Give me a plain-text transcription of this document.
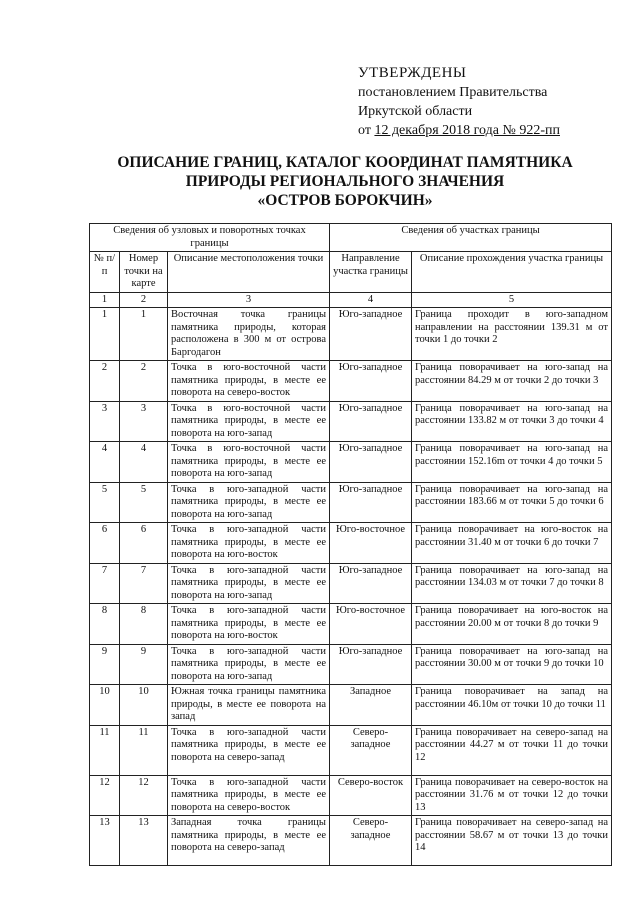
УТВЕРЖДЕНЫ
постановлением Правительства
Иркутской области
от 12 декабря 2018 года № 922-пп
ОПИСАНИЕ ГРАНИЦ, КАТАЛОГ КООРДИНАТ ПАМЯТНИКА
ПРИРОДЫ РЕГИОНАЛЬНОГО ЗНАЧЕНИЯ
«ОСТРОВ БОРОКЧИН»
Сведения об узловых и поворотных точках границы			Сведения об участках границы	
№ п/п	Номер точки на карте	Описание местоположения точки	Направление участка границы	Описание прохождения участка границы
1	2	3	4	5
1	1	Восточная точка границы памятника природы, которая расположена в 300 м от острова Баргодагон	Юго-западное	Граница проходит в юго-западном направлении на расстоянии 139.31 м от точки 1 до точки 2
2	2	Точка в юго-восточной части памятника природы, в месте ее поворота на северо-восток	Юго-западное	Граница поворачивает на юго-запад на расстоянии 84.29 м от точки 2 до точки 3
3	3	Точка в юго-восточной части памятника природы, в месте ее поворота на юго-запад	Юго-западное	Граница поворачивает на юго-запад на расстоянии 133.82 м от точки 3 до точки 4
4	4	Точка в юго-восточной части памятника природы, в месте ее поворота на юго-запад	Юго-западное	Граница поворачивает на юго-запад на расстоянии 152.16m от точки 4 до точки 5
5	5	Точка в юго-западной части памятника природы, в месте ее поворота на юго-запад	Юго-западное	Граница поворачивает на юго-запад на расстоянии 183.66 м от точки 5 до точки 6
6	6	Точка в юго-западной части памятника природы, в месте ее поворота на юго-восток	Юго-восточное	Граница поворачивает на юго-восток на расстоянии 31.40 м от точки 6 до точки 7
7	7	Точка в юго-западной части памятника природы, в месте ее поворота на юго-запад	Юго-западное	Граница поворачивает на юго-запад на расстоянии 134.03 м от точки 7 до точки 8
8	8	Точка в юго-западной части памятника природы, в месте ее поворота на юго-восток	Юго-восточное	Граница поворачивает на юго-восток на расстоянии 20.00 м от точки 8 до точки 9
9	9	Точка в юго-западной части памятника природы, в месте ее поворота на юго-запад	Юго-западное	Граница поворачивает на юго-запад на расстоянии 30.00 м от точки 9 до точки 10
10	10	Южная точка границы памятника природы, в месте ее поворота на запад	Западное	Граница поворачивает на запад на расстоянии 46.10м от точки 10 до точки 11
11	11	Точка в юго-западной части памятника природы, в месте ее поворота на северо-запад	Северо-западное	Граница поворачивает на северо-запад на расстоянии 44.27 м от точки 11 до точки 12
12	12	Точка в юго-западной части памятника природы, в месте ее поворота на северо-восток	Северо-восток	Граница поворачивает на северо-восток на расстоянии 31.76 м от точки 12 до точки 13
13	13	Западная точка границы памятника природы, в месте ее поворота на северо-запад	Северо-западное	Граница поворачивает на северо-запад на расстоянии 58.67 м от точки 13 до точки 14
